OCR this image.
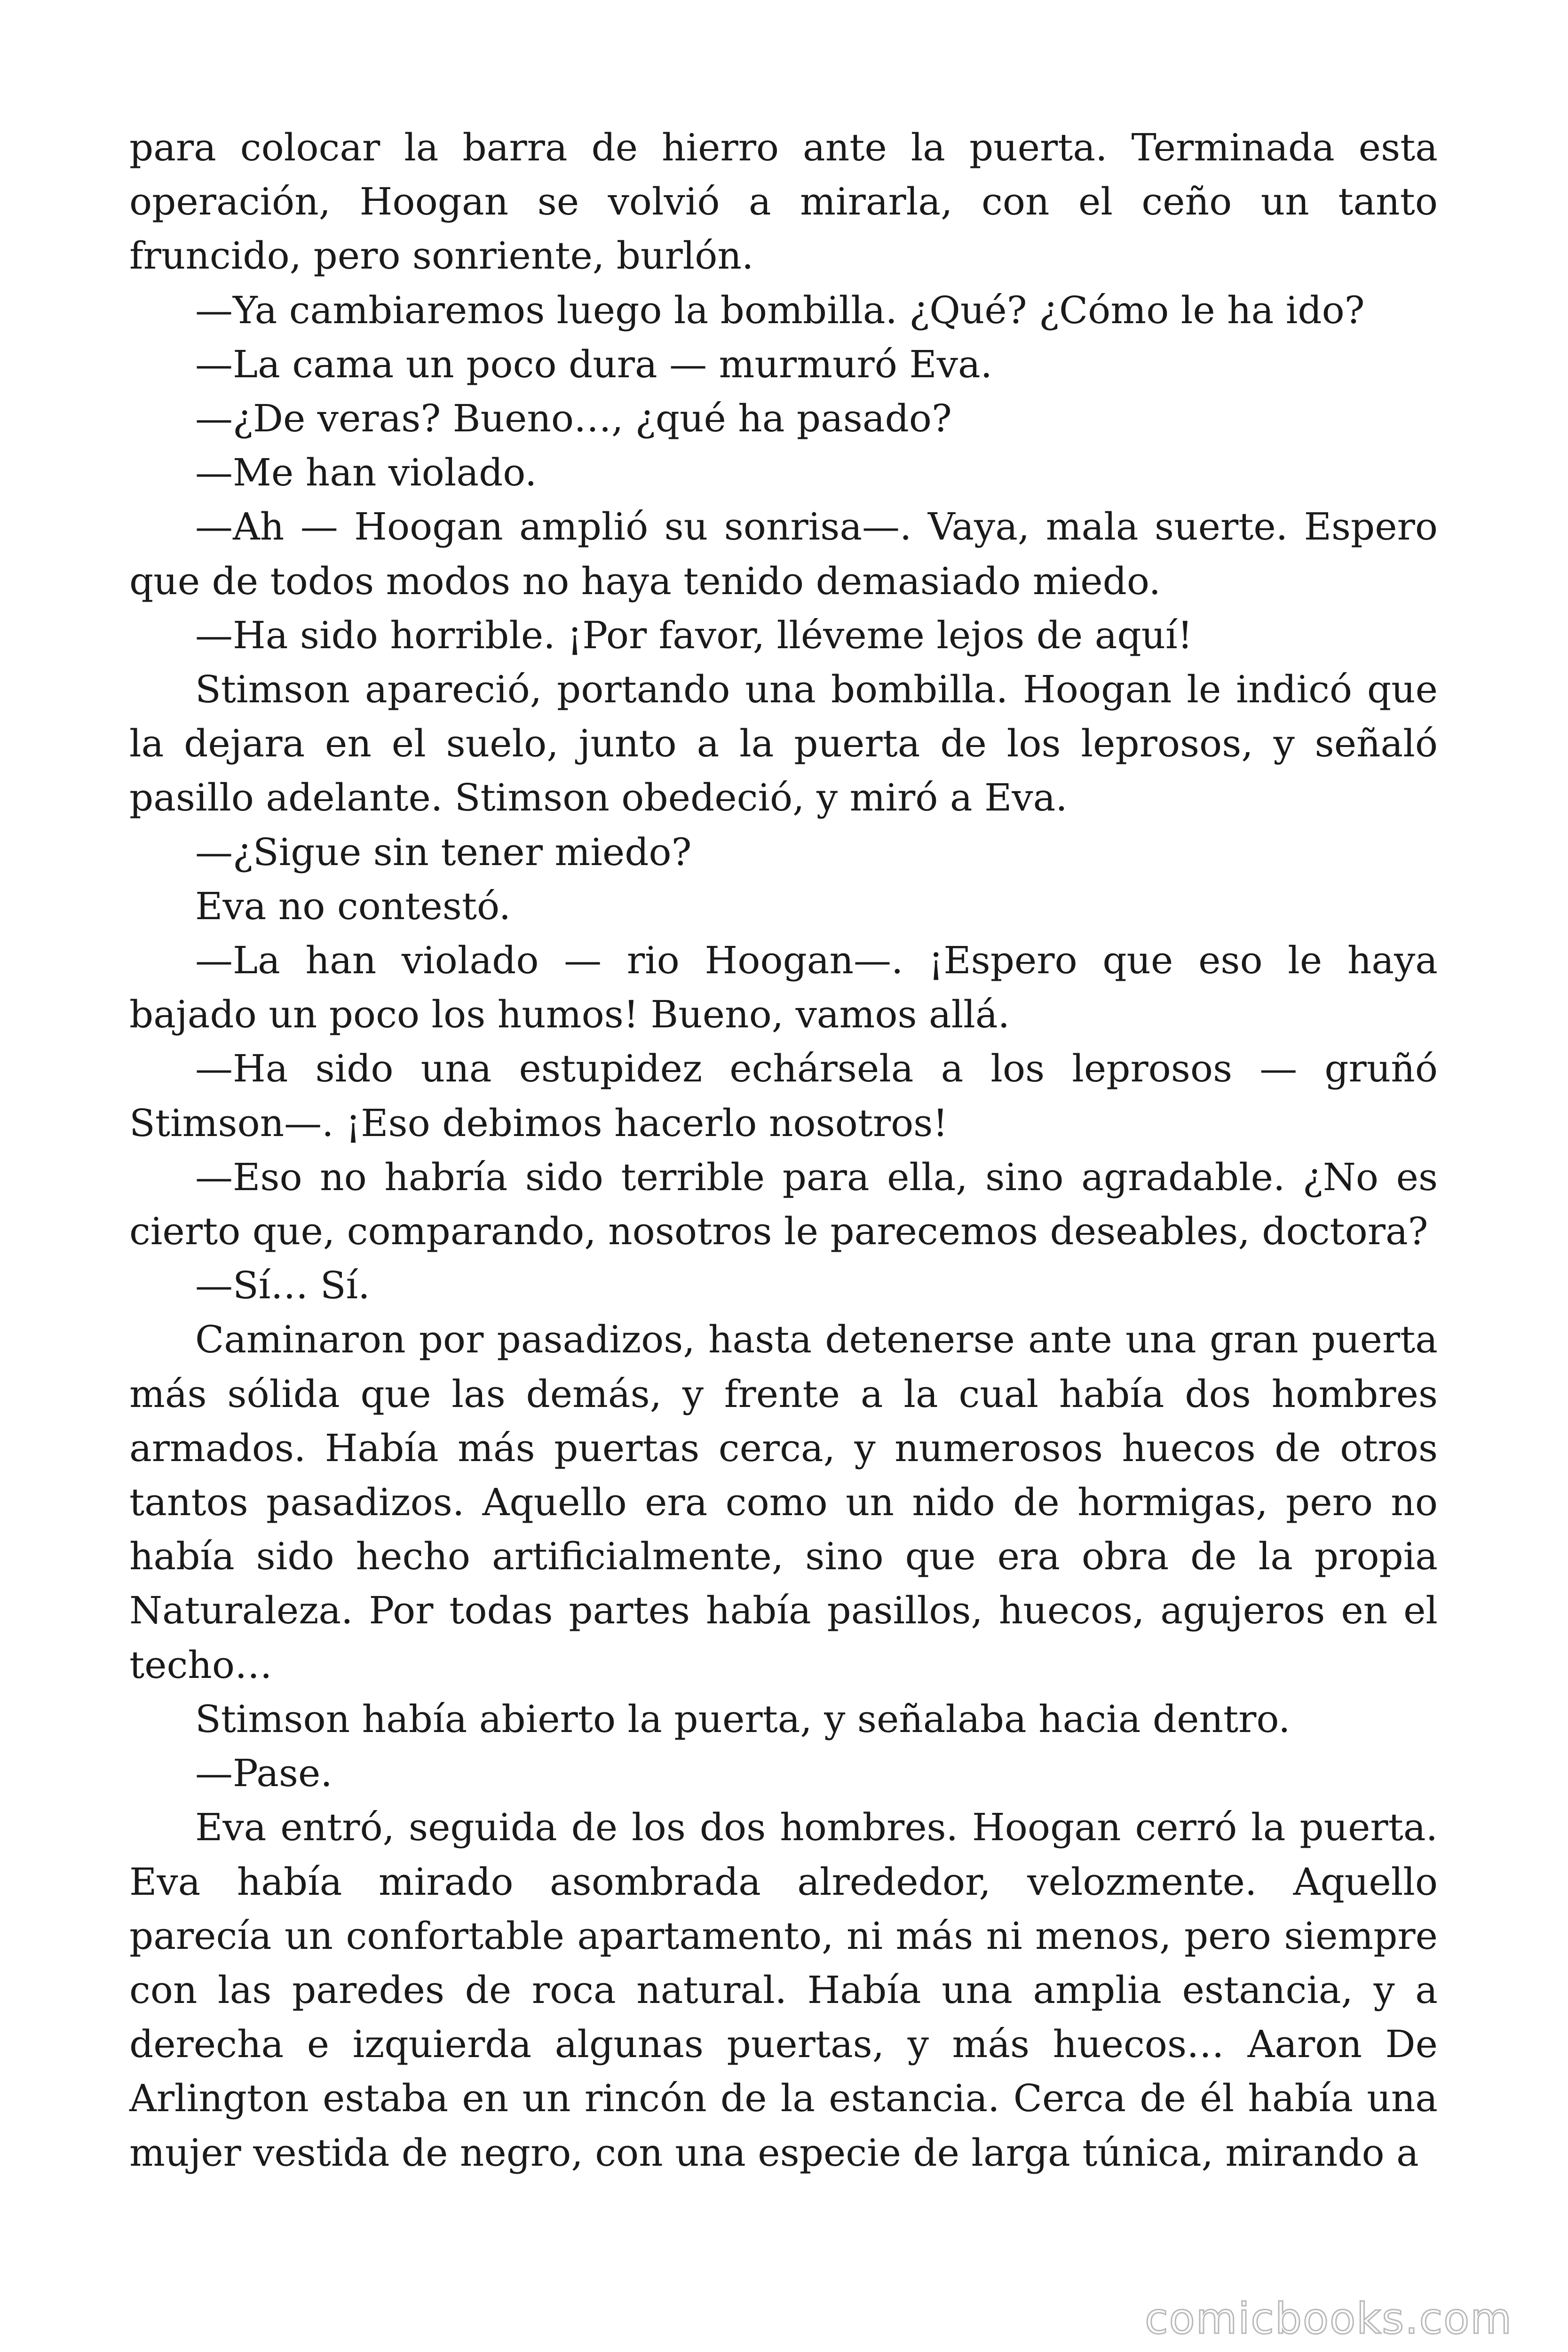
para colocar la barra de hierro ante la puerta. Terminada esta operación, Hoogan se volvió a mirarla, con el ceño un tanto fruncido, pero sonriente, burlón.

—Ya cambiaremos luego la bombilla. ¿Qué? ¿Cómo le ha ido?

—La cama un poco dura — murmuró Eva.

—¿De veras? Bueno…, ¿qué ha pasado?

—Me han violado.

—Ah — Hoogan amplió su sonrisa—. Vaya, mala suerte. Espero que de todos modos no haya tenido demasiado miedo.

—Ha sido horrible. ¡Por favor, lléveme lejos de aquí!

Stimson apareció, portando una bombilla. Hoogan le indicó que la dejara en el suelo, junto a la puerta de los leprosos, y señaló pasillo adelante. Stimson obedeció, y miró a Eva.

—¿Sigue sin tener miedo?

Eva no contestó.

—La han violado — rio Hoogan—. ¡Espero que eso le haya bajado un poco los humos! Bueno, vamos allá.

—Ha sido una estupidez echársela a los leprosos — gruñó Stimson—. ¡Eso debimos hacerlo nosotros!

—Eso no habría sido terrible para ella, sino agradable. ¿No es cierto que, comparando, nosotros le parecemos deseables, doctora?

—Sí… Sí.

Caminaron por pasadizos, hasta detenerse ante una gran puerta más sólida que las demás, y frente a la cual había dos hombres armados. Había más puertas cerca, y numerosos huecos de otros tantos pasadizos. Aquello era como un nido de hormigas, pero no había sido hecho artificialmente, sino que era obra de la propia Naturaleza. Por todas partes había pasillos, huecos, agujeros en el techo…

Stimson había abierto la puerta, y señalaba hacia dentro.

—Pase.

Eva entró, seguida de los dos hombres. Hoogan cerró la puerta. Eva había mirado asombrada alrededor, velozmente. Aquello parecía un confortable apartamento, ni más ni menos, pero siempre con las paredes de roca natural. Había una amplia estancia, y a derecha e izquierda algunas puertas, y más huecos… Aaron De Arlington estaba en un rincón de la estancia. Cerca de él había una mujer vestida de negro, con una especie de larga túnica, mirando a

comicbooks.com
